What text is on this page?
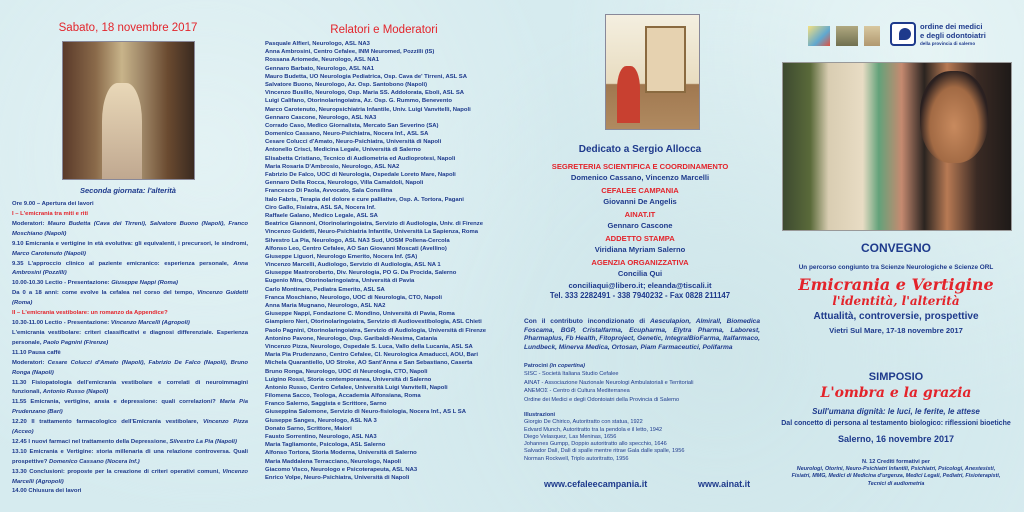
Sabato, 18 novembre 2017
Seconda giornata: l'alterità

Ore 9.00 – Apertura dei lavori

I – L'emicrania tra miti e riti

Moderatori: Mauro Budetta (Cava dei Tirreni), Salvatore Buono (Napoli), Franco Moschiano (Napoli)

9.10 Emicrania e vertigine in età evolutiva: gli equivalenti, i precursori, le sindromi, Marco Carotenuto (Napoli)

9.35 L'approccio clinico al paziente emicranico: esperienza personale, Anna Ambrosini (Pozzilli)

10.00-10.30 Lectio - Presentazione: Giuseppe Nappi (Roma)

Da 0 a 18 anni: come evolve la cefalea nel corso del tempo, Vincenzo Guidetti (Roma)

II – L'emicrania vestibolare: un romanzo da Appendice?

10.30-11.00 Lectio - Presentazione: Vincenzo Marcelli (Agropoli)

L'emicrania vestibolare: criteri classificativi e diagnosi differenziale. Esperienza personale, Paolo Pagnini (Firenze)

11.10 Pausa caffè

Moderatori: Cesare Colucci d'Amato (Napoli), Fabrizio De Falco (Napoli), Bruno Ronga (Napoli)

11.30 Fisiopatologia dell'emicrania vestibolare e correlati di neuroimmagini funzionali, Antonio Russo (Napoli)

11.55 Emicrania, vertigine, ansia e depressione: quali correlazioni? Maria Pia Prudenzano (Bari)

12.20 Il trattamento farmacologico dell'Emicrania vestibolare, Vincenzo Pizza (Acceo)

12.45 I nuovi farmaci nel trattamento della Depressione, Silvestro La Pia (Napoli)

13.10 Emicrania e Vertigine: storia millenaria di una relazione controversa. Quali prospettive? Domenico Cassano (Nocera Inf.)

13.30 Conclusioni: proposte per la creazione di criteri operativi comuni, Vincenzo Marcelli (Agropoli)

14.00 Chiusura dei lavori

Relatori e Moderatori
Pasquale Alfieri, Neurologo, ASL NA3
Anna Ambrosini, Centro Cefalee, INM Neuromed, Pozzilli (IS)
Rossana Ariomede, Neurologo, ASL NA1
Gennaro Barbato, Neurologo, ASL NA1
Mauro Budetta, UO Neurologia Pediatrica, Osp. Cava de' Tirreni, ASL SA
Salvatore Buono, Neurologo, Az. Osp. Santobono (Napoli)
Vincenzo Busillo, Neurologo, Osp. Maria SS. Addolorata, Eboli, ASL SA
Luigi Califano, Otorinolaringoiatra, Az. Osp. G. Rummo, Benevento
Marco Carotenuto, Neuropsichiatria Infantile, Univ. Luigi Vanvitelli, Napoli
Gennaro Cascone, Neurologo, ASL NA3
Corrado Caso, Medico Giornalista, Mercato San Severino (SA)
Domenico Cassano, Neuro-Psichiatra, Nocera Inf., ASL SA
Cesare Colucci d'Amato, Neuro-Psichiatra, Università di Napoli
Antonello Crisci, Medicina Legale, Università di Salerno
Elisabetta Cristiano, Tecnico di Audiometria ed Audioprotesi, Napoli
Maria Rosaria D'Ambrosio, Neurologo, ASL NA2
Fabrizio De Falco, UOC di Neurologia, Ospedale Loreto Mare, Napoli
Gennaro Della Rocca, Neurologo, Villa Camaldoli, Napoli
Francesco Di Paola, Avvocato, Sala Consilina
Italo Fabris, Terapia del dolore e cure palliative, Osp. A. Tortora, Pagani
Ciro Gallo, Fisiatra, ASL SA, Nocera Inf.
Raffaele Galano, Medico Legale, ASL SA
Beatrice Giannoni, Otorinolaringoiatra, Servizio di Audiologia, Univ. di Firenze
Vincenzo Guidetti, Neuro-Psichiatria Infantile, Università La Sapienza, Roma
Silvestro La Pia, Neurologo, ASL NA3 Sud, UOSM Pollena-Cercola
Alfonso Leo, Centro Cefalee, AO San Giovanni Moscati (Avellino)
Giuseppe Liguori, Neurologo Emerito, Nocera Inf. (SA)
Vincenzo Marcelli, Audiologo, Servizio di Audiologia, ASL NA 1
Giuseppe Mastroroberto, Div. Neurologia, PO G. Da Procida, Salerno
Eugenio Mira, Otorinolaringoiatra, Università di Pavia
Carlo Montinaro, Pediatra Emerito, ASL SA
Franca Moschiano, Neurologo, UOC di Neurologia, CTO, Napoli
Anna Maria Mugnano, Neurologo, ASL NA2
Giuseppe Nappi, Fondazione C. Mondino, Università di Pavia, Roma
Giampiero Neri, Otorinolaringoiatra, Servizio di Audiovestibologia, ASL Chieti
Paolo Pagnini, Otorinolaringoiatra, Servizio di Audiologia, Università di Firenze
Antonino Pavone, Neurologo, Osp. Garibaldi-Nesima, Catania
Vincenzo Pizza, Neurologo, Ospedale S. Luca, Vallo della Lucania, ASL SA
Maria Pia Prudenzano, Centro Cefalee, Cl. Neurologica Amaducci, AOU, Bari
Michela Quarantiello, UO Stroke, AO Sant'Anna e San Sebastiano, Caserta
Bruno Ronga, Neurologo, UOC di Neurologia, CTO, Napoli
Luigino Rossi, Storia contemporanea, Università di Salerno
Antonio Russo, Centro Cefalee, Università Luigi Vanvitelli, Napoli
Filomena Sacco, Teologa, Accademia Alfonsiana, Roma
Franco Salerno, Saggista e Scrittore, Sarno
Giuseppina Salomone, Servizio di Neuro-fisiologia, Nocera Inf., AS L SA
Giuseppe Sanges, Neurologo, ASL NA 3
Donato Sarno, Scrittore, Maiori
Fausto Sorrentino, Neurologo, ASL NA3
Maria Tagliamonte, Psicologa, ASL Salerno
Alfonso Tortora, Storia Moderna, Università di Salerno
Maria Maddalena Terracciano, Neurologo, Napoli
Giacomo Visco, Neurologo e Psicoterapeuta, ASL NA3
Enrico Volpe, Neuro-Psichiatra, Università di Napoli
Dedicato a Sergio Allocca
SEGRETERIA SCIENTIFICA E COORDINAMENTO
Domenico Cassano, Vincenzo Marcelli
CEFALEE CAMPANIA
Giovanni De Angelis
AINAT.IT
Gennaro Cascone
ADDETTO STAMPA
Viridiana Myriam Salerno
AGENZIA ORGANIZZATIVA
Concilia Qui
conciliaqui@libero.it; eleanda@tiscali.it
Tel. 333 2282491 - 338 7940232 - Fax 0828 211147
Con il contributo incondizionato di Aesculapion, Almirall, Biomedica Foscama, BGP, Cristalfarma, Ecupharma, Elytra Pharma, Laborest, Pharmaplus, Fb Health, Fitoproject, Genetic, IntegralBioFarma, Italfarmaco, Lundbeck, Minerva Medica, Ortosan, Piam Farmaceutici, Polifarma
Patrocini (in copertina)
SISC - Società Italiana Studio Cefalee
AINAT - Associazione Nazionale Neurologi Ambulatoriali e Territoriali
ΑΝΕΜΟΣ - Centro di Cultura Mediterranea
Ordine dei Medici e degli Odontoiatri della Provincia di Salerno
Illustrazioni
Giorgio De Chirico, Autoritratto con statua, 1922
Edvard Munch, Autoritratto tra la pendola e il letto, 1942
Diego Velasquez, Las Meninas, 1656
Johannes Gumpp, Doppio autoritratto allo specchio, 1646
Salvador Dalì, Dalì di spalle mentre ritrae Gala dalle spalle, 1956
Norman Rockwell, Triplo autoritratto, 1956
www.cefaleecampania.it	www.ainat.it
ordine dei medici
e degli odontoiatri
della provincia di salerno
CONVEGNO
Un percorso congiunto tra Scienze Neurologiche e Scienze ORL
Emicrania e Vertigine
l'identità, l'alterità
Attualità, controversie, prospettive
Vietri Sul Mare, 17-18 novembre 2017
SIMPOSIO
L'ombra e la grazia
Sull'umana dignità: le luci, le ferite, le attese
Dal concetto di persona al testamento biologico: riflessioni bioetiche
Salerno, 16 novembre 2017
N. 12 Crediti formativi per
Neurologi, Otorini, Neuro-Psichiatri Infantili, Psichiatri, Psicologi, Anestesisti, Fisiatri, MMG, Medici di Medicina d'urgenza, Medici Legali, Pediatri, Fisioterapisti, Tecnici di audiometria
